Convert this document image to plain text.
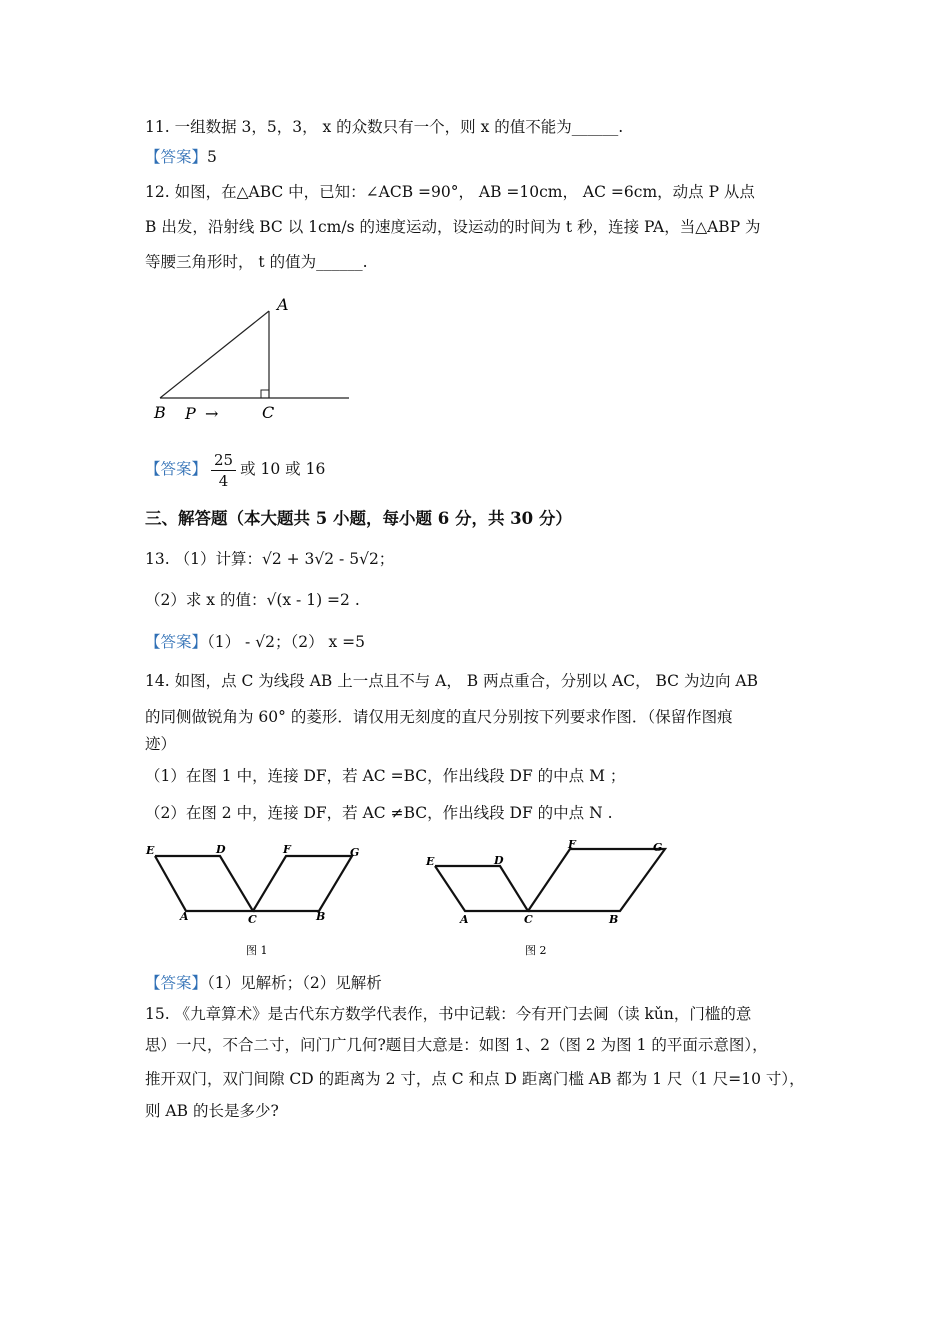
11. 一组数据 3，5，3， x 的众数只有一个，则 x 的值不能为______.
【答案】5
12. 如图，在△ABC 中，已知：∠ACB =90°， AB =10cm， AC =6cm，动点 P 从点
B 出发，沿射线 BC 以 1cm/s 的速度运动，设运动的时间为 t 秒，连接 PA，当△ABP 为
等腰三角形时， t 的值为______.
A
B	C
P →
【答案】 $\frac{25}{4}$ 或 10 或 16
三、解答题（本大题共 5 小题，每小题 6 分，共 30 分）
13. （1）计算：√2 + 3√2 - 5√2；
（2）求 x 的值：√(x - 1) =2 .
【答案】（1） - √2；（2） x =5
14. 如图，点 C 为线段 AB 上一点且不与 A， B 两点重合，分别以 AC， BC 为边向 AB
的同侧做锐角为 60° 的菱形．请仅用无刻度的直尺分别按下列要求作图．（保留作图痕
迹）
（1）在图 1 中，连接 DF，若 AC =BC，作出线段 DF 的中点 M ；
（2）在图 2 中，连接 DF，若 AC ≠BC，作出线段 DF 的中点 N .
E	D	F	G
A	C	B
图 1
E	D
F	G
A	C	B
图 2
【答案】（1）见解析；（2）见解析
15. 《九章算术》是古代东方数学代表作，书中记载：今有开门去阃（读 kǔn，门槛的意
思）一尺，不合二寸，问门广几何?题目大意是：如图 1、2（图 2 为图 1 的平面示意图），
推开双门，双门间隙 CD 的距离为 2 寸，点 C 和点 D 距离门槛 AB 都为 1 尺（1 尺=10 寸），
则 AB 的长是多少?
